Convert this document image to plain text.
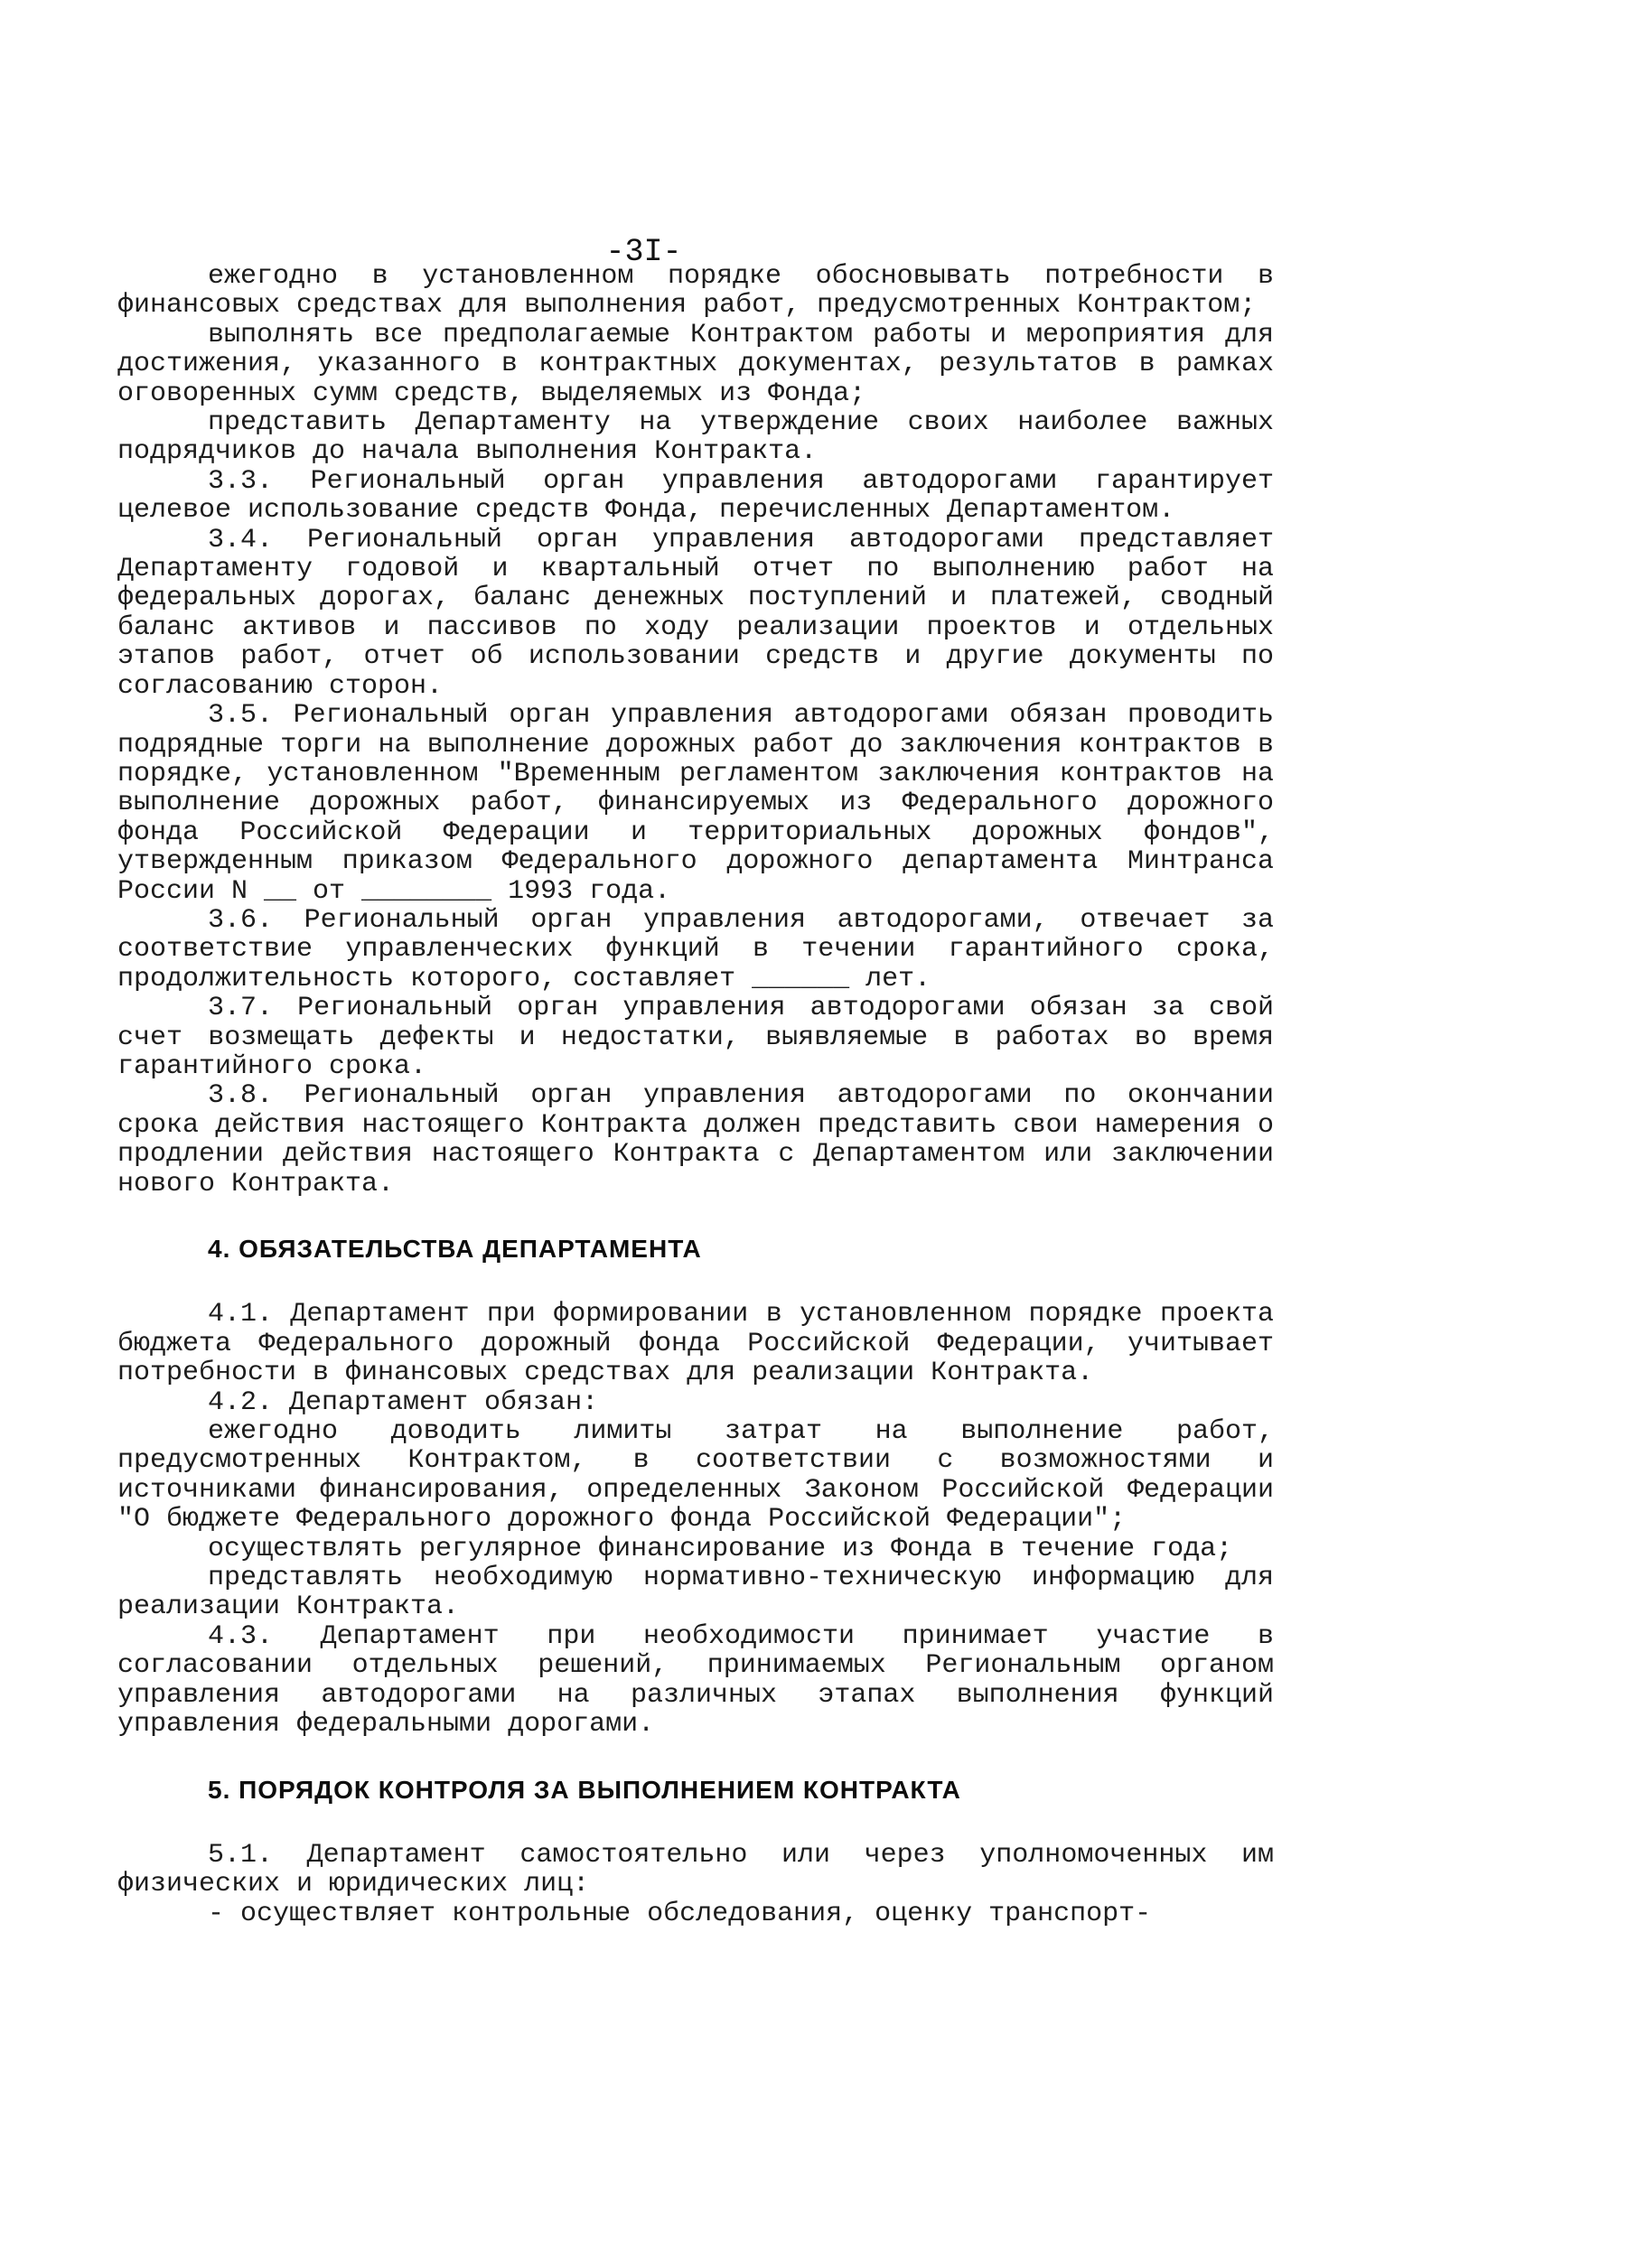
-3I-

ежегодно в установленном порядке обосновывать потребности в финансовых средствах для выполнения работ, предусмотренных Контрактом;

выполнять все предполагаемые Контрактом работы и мероприятия для достижения, указанного в контрактных документах, результатов в рамках оговоренных сумм средств, выделяемых из Фонда;

представить Департаменту на утверждение своих наиболее важных подрядчиков до начала выполнения Контракта.

3.3. Региональный орган управления автодорогами гарантирует целевое использование средств Фонда, перечисленных Департаментом.

3.4. Региональный орган управления автодорогами представляет Департаменту годовой и квартальный отчет по выполнению работ на федеральных дорогах, баланс денежных поступлений и платежей, сводный баланс активов и пассивов по ходу реализации проектов и отдельных этапов работ, отчет об использовании средств и другие документы по согласованию сторон.

3.5. Региональный орган управления автодорогами обязан проводить подрядные торги на выполнение дорожных работ до заключения контрактов в порядке, установленном "Временным регламентом заключения контрактов на выполнение дорожных работ, финансируемых из Федерального дорожного фонда Российской Федерации и территориальных дорожных фондов", утвержденным приказом Федерального дорожного департамента Минтранса России N __ от ________ 1993 года.

3.6. Региональный орган управления автодорогами, отвечает за соответствие управленческих функций в течении гарантийного срока, продолжительность которого, составляет ______ лет.

3.7. Региональный орган управления автодорогами обязан за свой счет возмещать дефекты и недостатки, выявляемые в работах во время гарантийного срока.

3.8. Региональный орган управления автодорогами по окончании срока действия настоящего Контракта должен представить свои намерения о продлении действия настоящего Контракта с Департаментом или заключении нового Контракта.

4. ОБЯЗАТЕЛЬСТВА ДЕПАРТАМЕНТА

4.1. Департамент при формировании в установленном порядке проекта бюджета Федерального дорожный фонда Российской Федерации, учитывает потребности в финансовых средствах для реализации Контракта.

4.2. Департамент обязан:

ежегодно доводить лимиты затрат на выполнение работ, предусмотренных Контрактом, в соответствии с возможностями и источниками финансирования, определенных Законом Российской Федерации "О бюджете Федерального дорожного фонда Российской Федерации";

осуществлять регулярное финансирование из Фонда в течение года;

представлять необходимую нормативно-техническую информацию для реализации Контракта.

4.3. Департамент при необходимости принимает участие в согласовании отдельных решений, принимаемых Региональным органом управления автодорогами на различных этапах выполнения функций управления федеральными дорогами.

5. ПОРЯДОК КОНТРОЛЯ ЗА ВЫПОЛНЕНИЕМ КОНТРАКТА

5.1. Департамент самостоятельно или через уполномоченных им физических и юридических лиц:

- осуществляет контрольные обследования, оценку транспорт-
